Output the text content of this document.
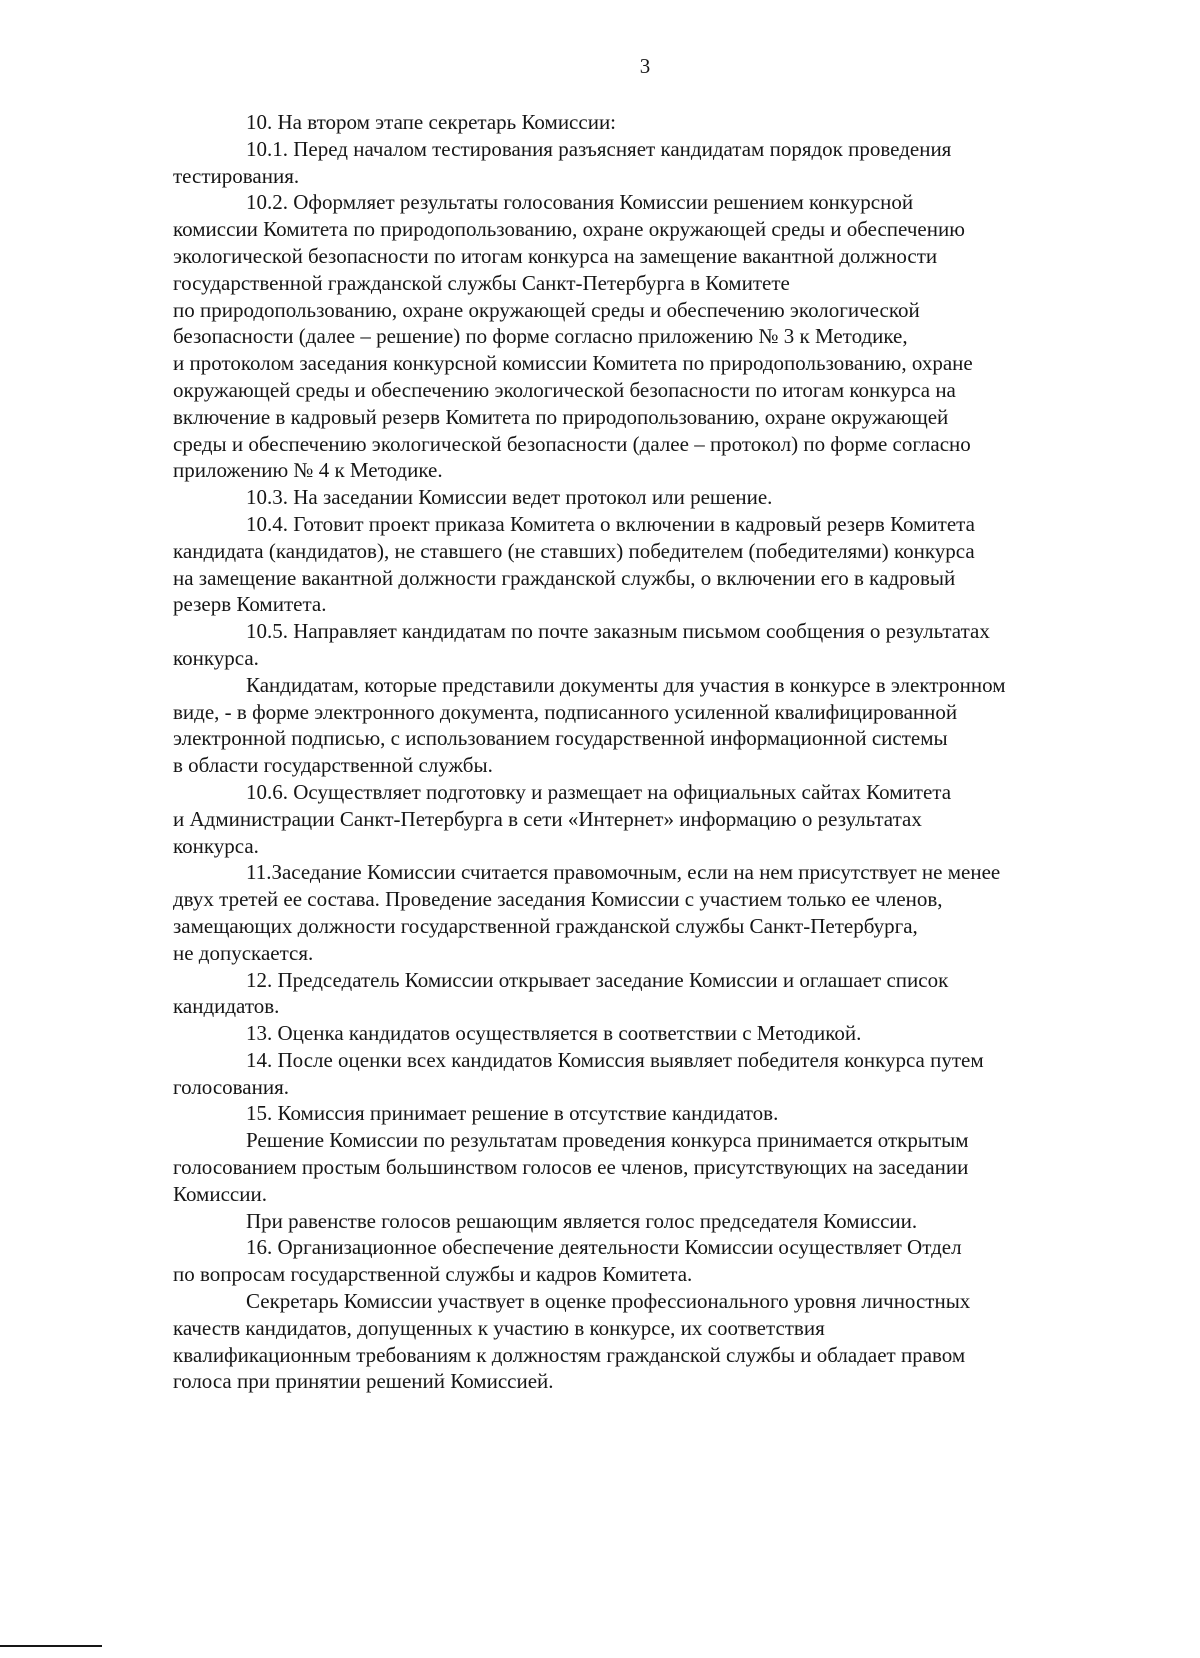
3

10. На втором этапе секретарь Комиссии:

10.1. Перед началом тестирования разъясняет кандидатам порядок проведения
тестирования.

10.2. Оформляет результаты голосования Комиссии решением конкурсной
комиссии Комитета по природопользованию, охране окружающей среды и обеспечению
экологической безопасности по итогам конкурса на замещение вакантной должности
государственной гражданской службы Санкт-Петербурга в Комитете
по природопользованию, охране окружающей среды и обеспечению экологической
безопасности (далее – решение) по форме согласно приложению № 3 к Методике,
и протоколом заседания конкурсной комиссии Комитета по природопользованию, охране
окружающей среды и обеспечению экологической безопасности по итогам конкурса на
включение в кадровый резерв Комитета по природопользованию, охране окружающей
среды и обеспечению экологической безопасности (далее – протокол) по форме согласно
приложению № 4 к Методике.

10.3. На заседании Комиссии ведет протокол или решение.

10.4. Готовит проект приказа Комитета о включении в кадровый резерв Комитета
кандидата (кандидатов), не ставшего (не ставших) победителем (победителями) конкурса
на замещение вакантной должности гражданской службы, о включении его в кадровый
резерв Комитета.

10.5. Направляет кандидатам по почте заказным письмом сообщения о результатах
конкурса.

Кандидатам, которые представили документы для участия в конкурсе в электронном
виде, - в форме электронного документа, подписанного усиленной квалифицированной
электронной подписью, с использованием государственной информационной системы
в области государственной службы.

10.6. Осуществляет подготовку и размещает на официальных сайтах Комитета
и Администрации Санкт-Петербурга в сети «Интернет» информацию о результатах
конкурса.

11.Заседание Комиссии считается правомочным, если на нем присутствует не менее
двух третей ее состава. Проведение заседания Комиссии с участием только ее членов,
замещающих должности государственной гражданской службы Санкт-Петербурга,
не допускается.

12. Председатель Комиссии открывает заседание Комиссии и оглашает список
кандидатов.

13. Оценка кандидатов осуществляется в соответствии с Методикой.

14. После оценки всех кандидатов Комиссия выявляет победителя конкурса путем
голосования.

15. Комиссия принимает решение в отсутствие кандидатов.

Решение Комиссии по результатам проведения конкурса принимается открытым
голосованием простым большинством голосов ее членов, присутствующих на заседании
Комиссии.

При равенстве голосов решающим является голос председателя Комиссии.

16. Организационное обеспечение деятельности Комиссии осуществляет Отдел
по вопросам государственной службы и кадров Комитета.

Секретарь Комиссии участвует в оценке профессионального уровня личностных
качеств кандидатов, допущенных к участию в конкурсе, их соответствия
квалификационным требованиям к должностям гражданской службы и обладает правом
голоса при принятии решений Комиссией.
